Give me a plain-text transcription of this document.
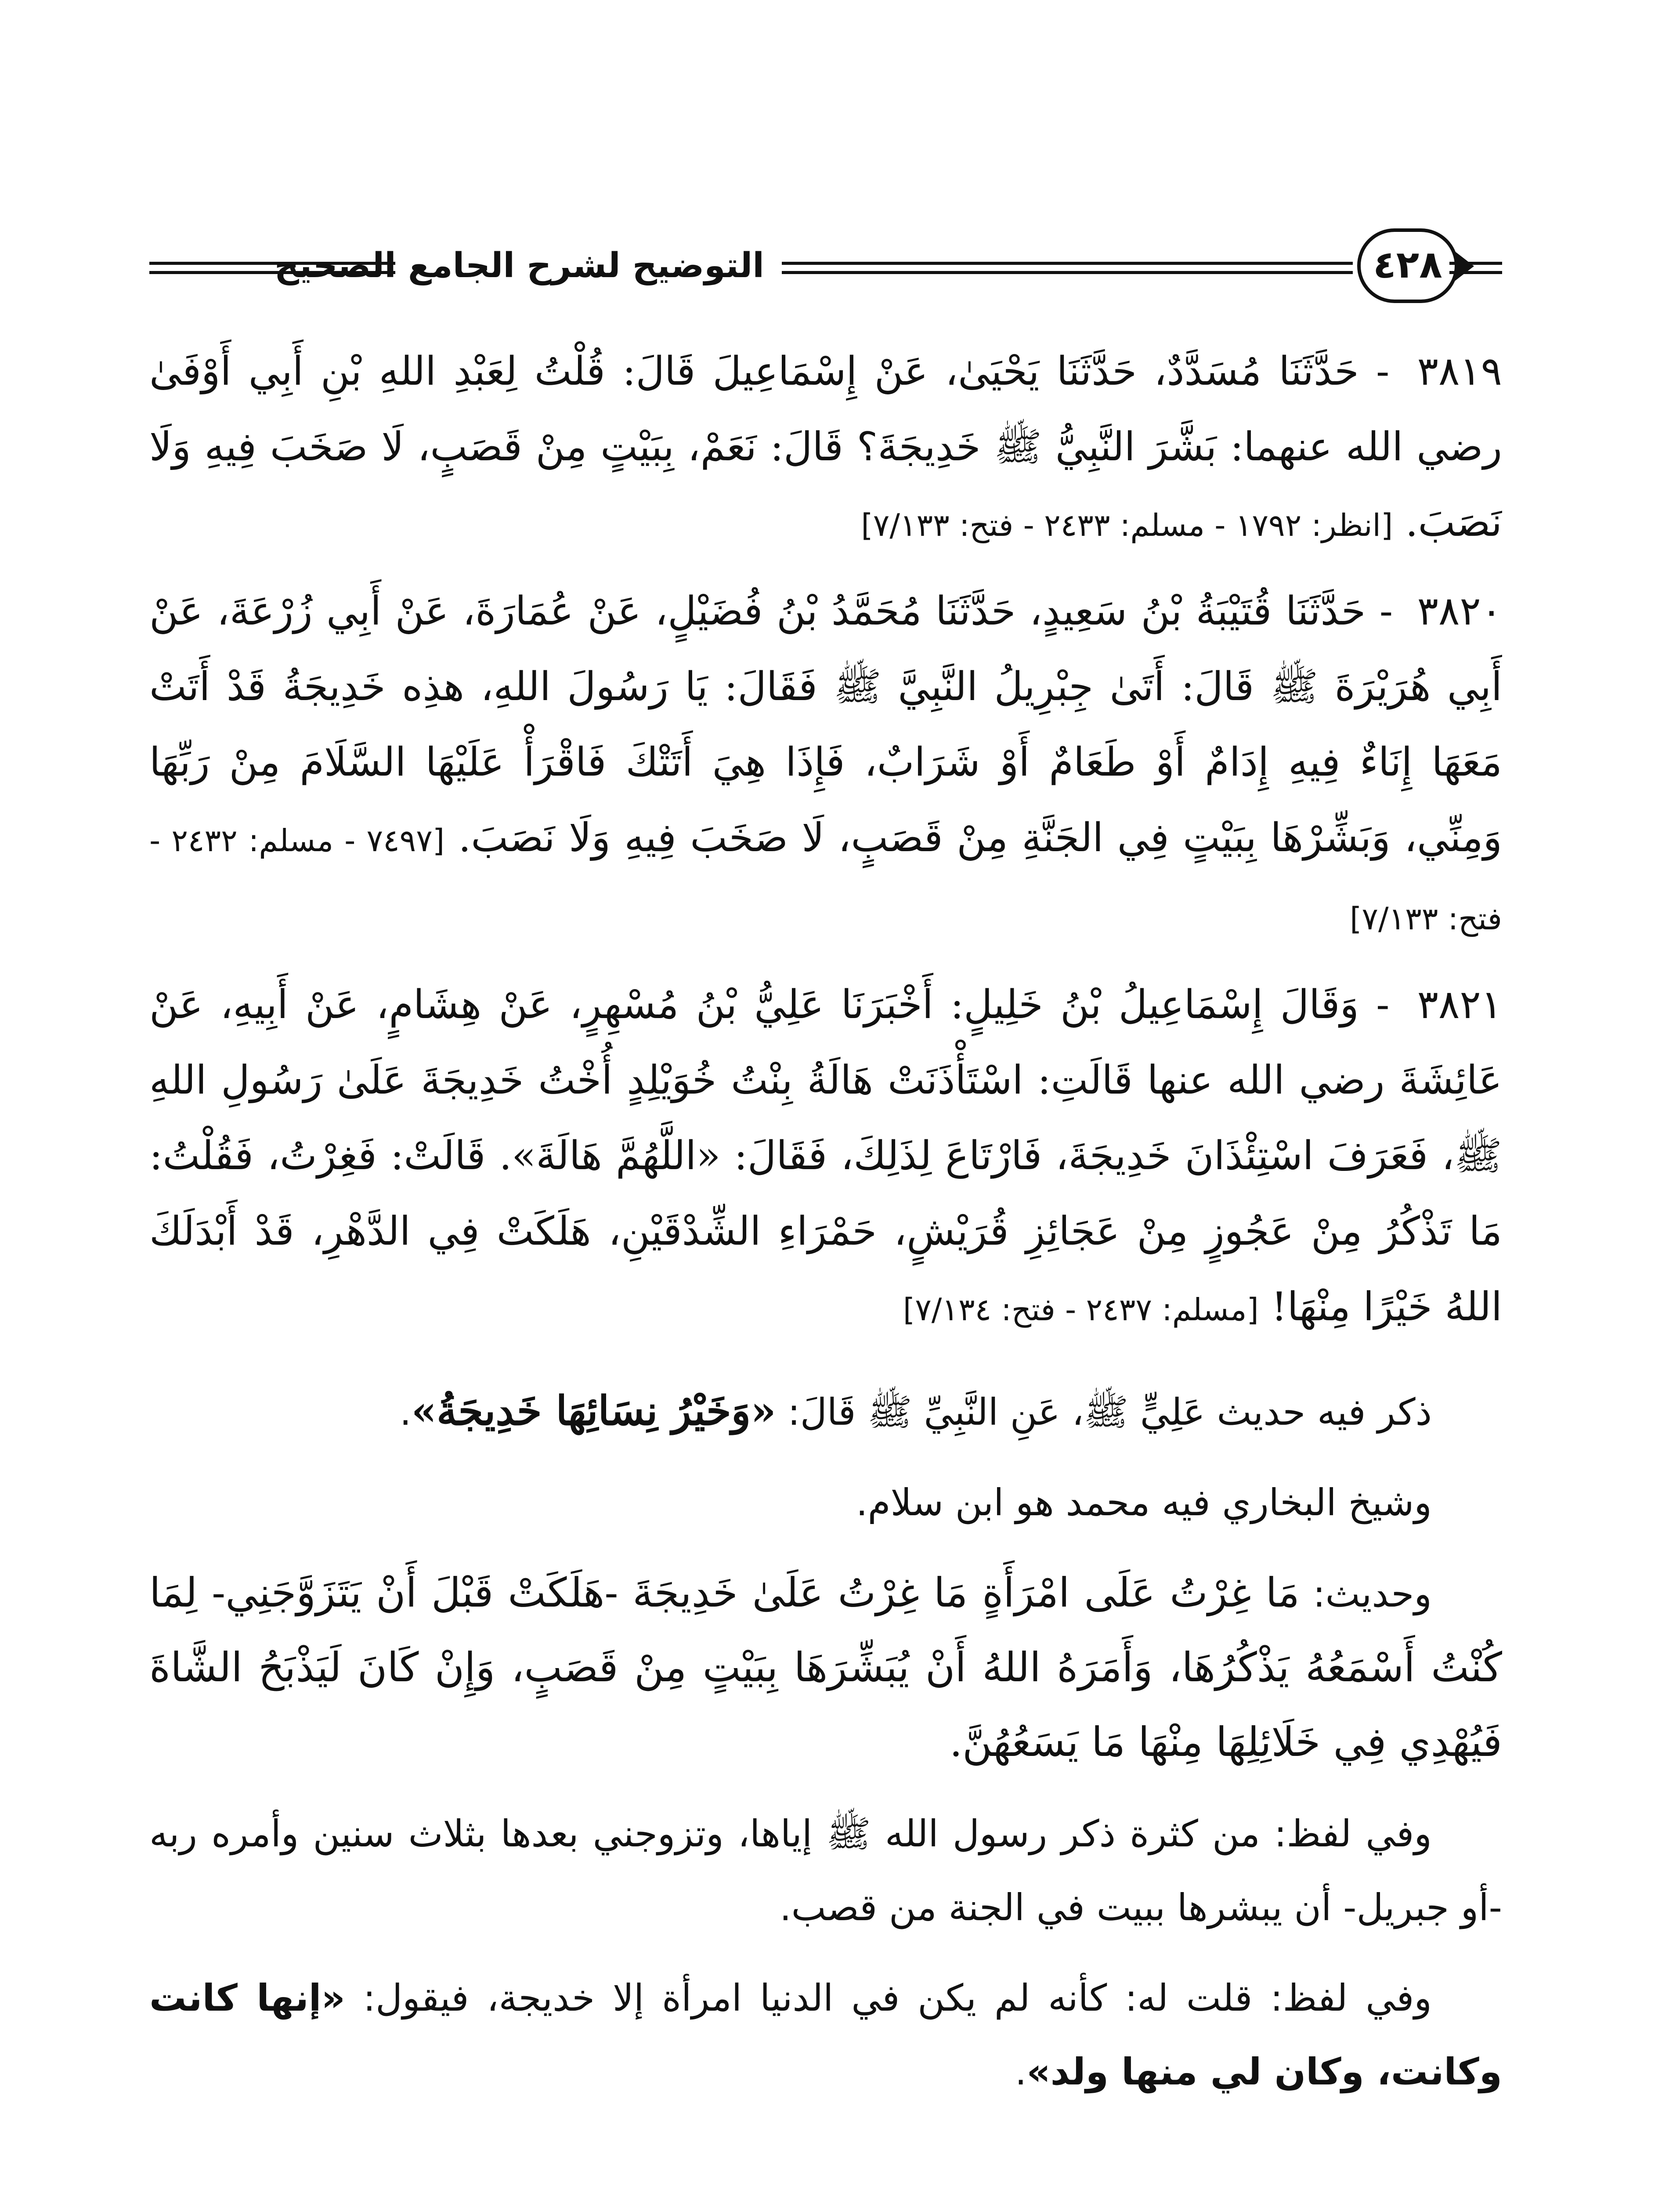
التوضيح لشرح الجامع الصحيح	٤٢٨

٣٨١٩ - حَدَّثَنَا مُسَدَّدٌ، حَدَّثَنَا يَحْيَىٰ، عَنْ إِسْمَاعِيلَ قَالَ: قُلْتُ لِعَبْدِ اللهِ بْنِ أَبِي أَوْفَىٰ رضي الله عنهما: بَشَّرَ النَّبِيُّ ﷺ خَدِيجَةَ؟ قَالَ: نَعَمْ، بِبَيْتٍ مِنْ قَصَبٍ، لَا صَخَبَ فِيهِ وَلَا نَصَبَ. [انظر: ١٧٩٢ - مسلم: ٢٤٣٣ - فتح: ٧/١٣٣]

٣٨٢٠ - حَدَّثَنَا قُتَيْبَةُ بْنُ سَعِيدٍ، حَدَّثَنَا مُحَمَّدُ بْنُ فُضَيْلٍ، عَنْ عُمَارَةَ، عَنْ أَبِي زُرْعَةَ، عَنْ أَبِي هُرَيْرَةَ ﷺ قَالَ: أَتَىٰ جِبْرِيلُ النَّبِيَّ ﷺ فَقَالَ: يَا رَسُولَ اللهِ، هذِه خَدِيجَةُ قَدْ أَتَتْ مَعَهَا إِنَاءٌ فِيهِ إِدَامٌ أَوْ طَعَامٌ أَوْ شَرَابٌ، فَإِذَا هِيَ أَتَتْكَ فَاقْرَأْ عَلَيْهَا السَّلَامَ مِنْ رَبِّهَا وَمِنِّي، وَبَشِّرْهَا بِبَيْتٍ فِي الجَنَّةِ مِنْ قَصَبٍ، لَا صَخَبَ فِيهِ وَلَا نَصَبَ. [٧٤٩٧ - مسلم: ٢٤٣٢ - فتح: ٧/١٣٣]

٣٨٢١ - وَقَالَ إِسْمَاعِيلُ بْنُ خَلِيلٍ: أَخْبَرَنَا عَلِيُّ بْنُ مُسْهِرٍ، عَنْ هِشَامٍ، عَنْ أَبِيهِ، عَنْ عَائِشَةَ رضي الله عنها قَالَتِ: اسْتَأْذَنَتْ هَالَةُ بِنْتُ خُوَيْلِدٍ أُخْتُ خَدِيجَةَ عَلَىٰ رَسُولِ اللهِ ﷺ، فَعَرَفَ اسْتِئْذَانَ خَدِيجَةَ، فَارْتَاعَ لِذَلِكَ، فَقَالَ: «اللَّهُمَّ هَالَةَ». قَالَتْ: فَغِرْتُ، فَقُلْتُ: مَا تَذْكُرُ مِنْ عَجُوزٍ مِنْ عَجَائِزِ قُرَيْشٍ، حَمْرَاءِ الشِّدْقَيْنِ، هَلَكَتْ فِي الدَّهْرِ، قَدْ أَبْدَلَكَ اللهُ خَيْرًا مِنْهَا! [مسلم: ٢٤٣٧ - فتح: ٧/١٣٤]

ذكر فيه حديث عَلِيٍّ ﷺ، عَنِ النَّبِيِّ ﷺ قَالَ: «وَخَيْرُ نِسَائِهَا خَدِيجَةُ».

وشيخ البخاري فيه محمد هو ابن سلام.

وحديث: مَا غِرْتُ عَلَى امْرَأَةٍ مَا غِرْتُ عَلَىٰ خَدِيجَةَ -هَلَكَتْ قَبْلَ أَنْ يَتَزَوَّجَنِي- لِمَا كُنْتُ أَسْمَعُهُ يَذْكُرُهَا، وَأَمَرَهُ اللهُ أَنْ يُبَشِّرَهَا بِبَيْتٍ مِنْ قَصَبٍ، وَإِنْ كَانَ لَيَذْبَحُ الشَّاةَ فَيُهْدِي فِي خَلَائِلِهَا مِنْهَا مَا يَسَعُهُنَّ.

وفي لفظ: من كثرة ذكر رسول الله ﷺ إياها، وتزوجني بعدها بثلاث سنين وأمره ربه -أو جبريل- أن يبشرها ببيت في الجنة من قصب.

وفي لفظ: قلت له: كأنه لم يكن في الدنيا امرأة إلا خديجة، فيقول: «إنها كانت وكانت، وكان لي منها ولد».
